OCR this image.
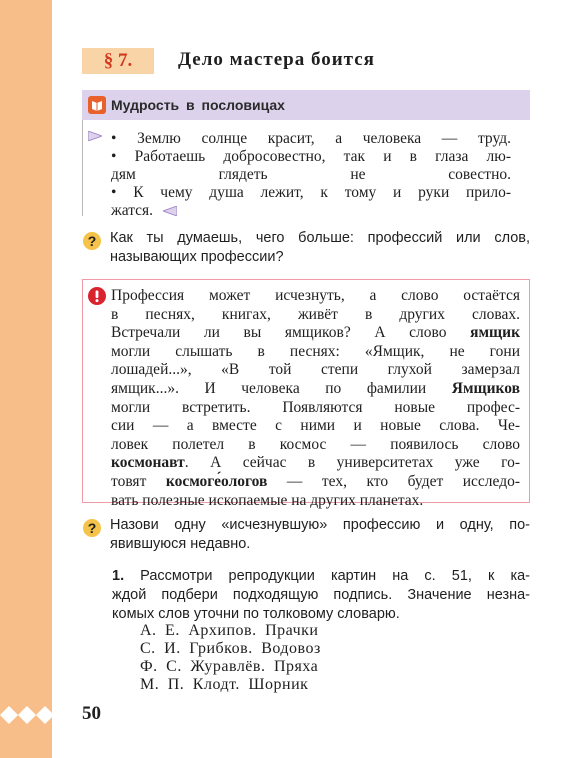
§ 7.	Дело мастера боится
Мудрость в пословицах
• Землю солнце красит, а человека — труд.
• Работаешь добросовестно, так и в глаза лю-
дям глядеть не совестно.
• К чему душа лежит, к тому и руки прило-
жатся.
? Как ты думаешь, чего больше: профессий или слов,
называющих профессии?
Профессия может исчезнуть, а слово остаётся
в песнях, книгах, живёт в других словах.
Встречали ли вы ямщиков? А слово ямщик
могли слышать в песнях: «Ямщик, не гони
лошадей...», «В той степи глухой замерзал
ямщик...». И человека по фамилии Ямщиков
могли встретить. Появляются новые профес-
сии — а вместе с ними и новые слова. Че-
ловек полетел в космос — появилось слово
космонавт. А сейчас в университетах уже го-
товят космоге́ологов — тех, кто будет исследо-
вать полезные ископаемые на других планетах.
? Назови одну «исчезнувшую» профессию и одну, по-
явившуюся недавно.
1. Рассмотри репродукции картин на с. 51, к ка-
ждой подбери подходящую подпись. Значение незна-
комых слов уточни по толковому словарю.
А. Е. Архипов. Прачки
С. И. Грибков. Водовоз
Ф. С. Журавлёв. Пряха
М. П. Клодт. Шорник
50
